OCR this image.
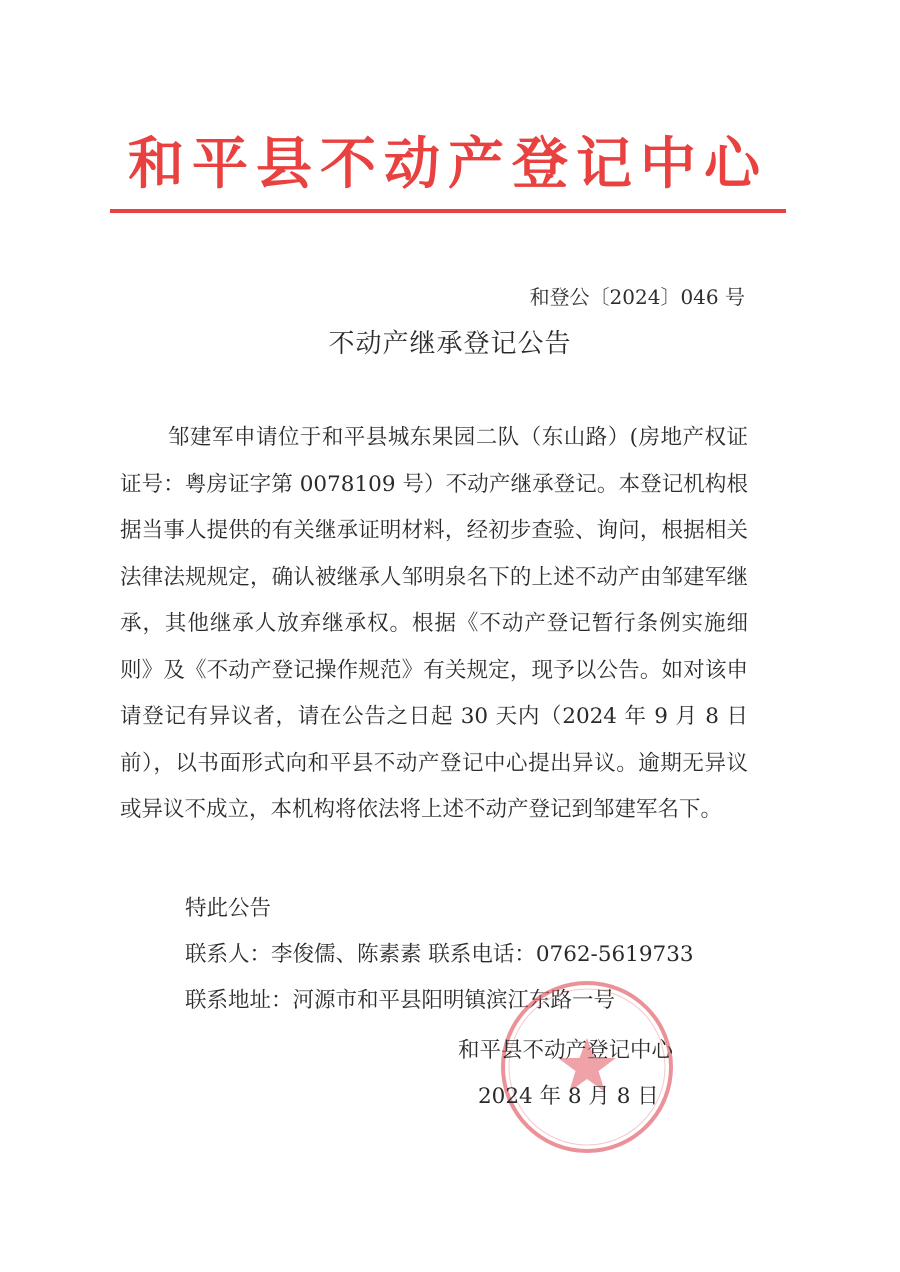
和平县不动产登记中心
和登公〔2024〕046 号
不动产继承登记公告

邹建军申请位于和平县城东果园二队（东山路）(房地产权证证号：粤房证字第 0078109 号）不动产继承登记。本登记机构根据当事人提供的有关继承证明材料，经初步查验、询问，根据相关法律法规规定，确认被继承人邹明泉名下的上述不动产由邹建军继承，其他继承人放弃继承权。根据《不动产登记暂行条例实施细则》及《不动产登记操作规范》有关规定，现予以公告。如对该申请登记有异议者，请在公告之日起 30 天内（2024 年 9 月 8 日前），以书面形式向和平县不动产登记中心提出异议。逾期无异议或异议不成立，本机构将依法将上述不动产登记到邹建军名下。

特此公告
联系人：李俊儒、陈素素 联系电话：0762-5619733
联系地址：河源市和平县阳明镇滨江东路一号
和平县不动产登记中心
2024 年 8 月 8 日
